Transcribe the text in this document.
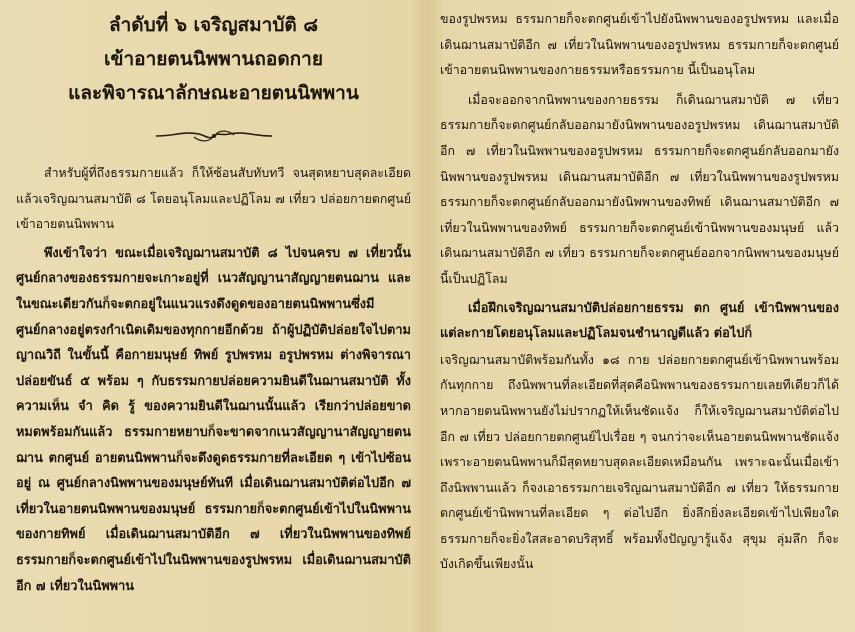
ลำดับที่ ๖ เจริญสมาบัติ ๘
เข้าอายตนนิพพานถอดกาย
และพิจารณาลักษณะอายตนนิพพาน

สำหรับผู้ที่ถึงธรรมกายแล้ว ก็ให้ซ้อนสับทับทวี จนสุดหยาบสุดละเอียด แล้วเจริญฌานสมาบัติ ๘ โดยอนุโลมและปฏิโลม ๗ เที่ยว ปล่อยกายตกศูนย์เข้าอายตนนิพพาน

พึงเข้าใจว่า ขณะเมื่อเจริญฌานสมาบัติ ๘ ไปจนครบ ๗ เที่ยวนั้น ศูนย์กลางของธรรมกายจะเกาะอยู่ที่ เนวสัญญานาสัญญายตนฌาน และในขณะเดียวกันก็จะตกอยู่ในแนวแรงดึงดูดของอายตนนิพพานซึ่งมีศูนย์กลางอยู่ตรงกำเนิดเดิมของทุกกายอีกด้วย ถ้าผู้ปฏิบัติปล่อยใจไปตามญาณวิถี ในขั้นนี้ คือกายมนุษย์ ทิพย์ รูปพรหม อรูปพรหม ต่างพิจารณาปล่อยขันธ์ ๕ พร้อม ๆ กับธรรมกายปล่อยความยินดีในฌานสมาบัติ ทั้งความเห็น จำ คิด รู้ ของความยินดีในฌานนั้นแล้ว เรียกว่าปล่อยขาดหมดพร้อมกันแล้ว ธรรมกายหยาบก็จะขาดจากเนวสัญญานาสัญญายตนฌาน ตกศูนย์ อายตนนิพพานก็จะดึงดูดธรรมกายที่ละเอียด ๆ เข้าไปซ้อนอยู่ ณ ศูนย์กลางนิพพานของมนุษย์ทันที เมื่อเดินฌานสมาบัติต่อไปอีก ๗ เที่ยวในอายตนนิพพานของมนุษย์ ธรรมกายก็จะตกศูนย์เข้าไปในนิพพานของกายทิพย์ เมื่อเดินฌานสมาบัติอีก ๗ เที่ยวในนิพพานของทิพย์ ธรรมกายก็จะตกศูนย์เข้าไปในนิพพานของรูปพรหม เมื่อเดินฌานสมาบัติอีก ๗ เที่ยวในนิพพาน

ของรูปพรหม ธรรมกายก็จะตกศูนย์เข้าไปยังนิพพานของอรูปพรหม และเมื่อเดินฌานสมาบัติอีก ๗ เที่ยวในนิพพานของอรูปพรหม ธรรมกายก็จะตกศูนย์เข้าอายตนนิพพานของกายธรรมหรือธรรมกาย นี้เป็นอนุโลม

เมื่อจะออกจากนิพพานของกายธรรม ก็เดินฌานสมาบัติ ๗ เที่ยว ธรรมกายก็จะตกศูนย์กลับออกมายังนิพพานของอรูปพรหม เดินฌานสมาบัติอีก ๗ เที่ยวในนิพพานของอรูปพรหม ธรรมกายก็จะตกศูนย์กลับออกมายังนิพพานของรูปพรหม เดินฌานสมาบัติอีก ๗ เที่ยวในนิพพานของรูปพรหม ธรรมกายก็จะตกศูนย์กลับออกมายังนิพพานของทิพย์ เดินฌานสมาบัติอีก ๗ เที่ยวในนิพพานของทิพย์ ธรรมกายก็จะตกศูนย์เข้านิพพานของมนุษย์ แล้วเดินฌานสมาบัติอีก ๗ เที่ยว ธรรมกายก็จะตกศูนย์ออกจากนิพพานของมนุษย์ นี้เป็นปฏิโลม

เมื่อฝึกเจริญฌานสมาบัติปล่อยกายธรรม ตก ศูนย์ เข้านิพพานของแต่ละกายโดยอนุโลมและปฏิโลมจนชำนาญดีแล้ว ต่อไปก็

เจริญฌานสมาบัติพร้อมกันทั้ง ๑๘ กาย ปล่อยกายตกศูนย์เข้านิพพานพร้อมกันทุกกาย ถึงนิพพานที่ละเอียดที่สุดคือนิพพานของธรรมกายเลยทีเดียวก็ได้ หากอายตนนิพพานยังไม่ปรากฏให้เห็นชัดแจ้ง ก็ให้เจริญฌานสมาบัติต่อไปอีก ๗ เที่ยว ปล่อยกายตกศูนย์ไปเรื่อย ๆ จนกว่าจะเห็นอายตนนิพพานชัดแจ้ง เพราะอายตนนิพพานก็มีสุดหยาบสุดละเอียดเหมือนกัน เพราะฉะนั้นเมื่อเข้าถึงนิพพานแล้ว ก็จงเอาธรรมกายเจริญฌานสมาบัติอีก ๗ เที่ยว ให้ธรรมกายตกศูนย์เข้านิพพานที่ละเอียด ๆ ต่อไปอีก ยิ่งลึกยิ่งละเอียดเข้าไปเพียงใด ธรรมกายก็จะยิ่งใสสะอาดบริสุทธิ์ พร้อมทั้งปัญญารู้แจ้ง สุขุม ลุ่มลึก ก็จะบังเกิดขึ้นเพียงนั้น
